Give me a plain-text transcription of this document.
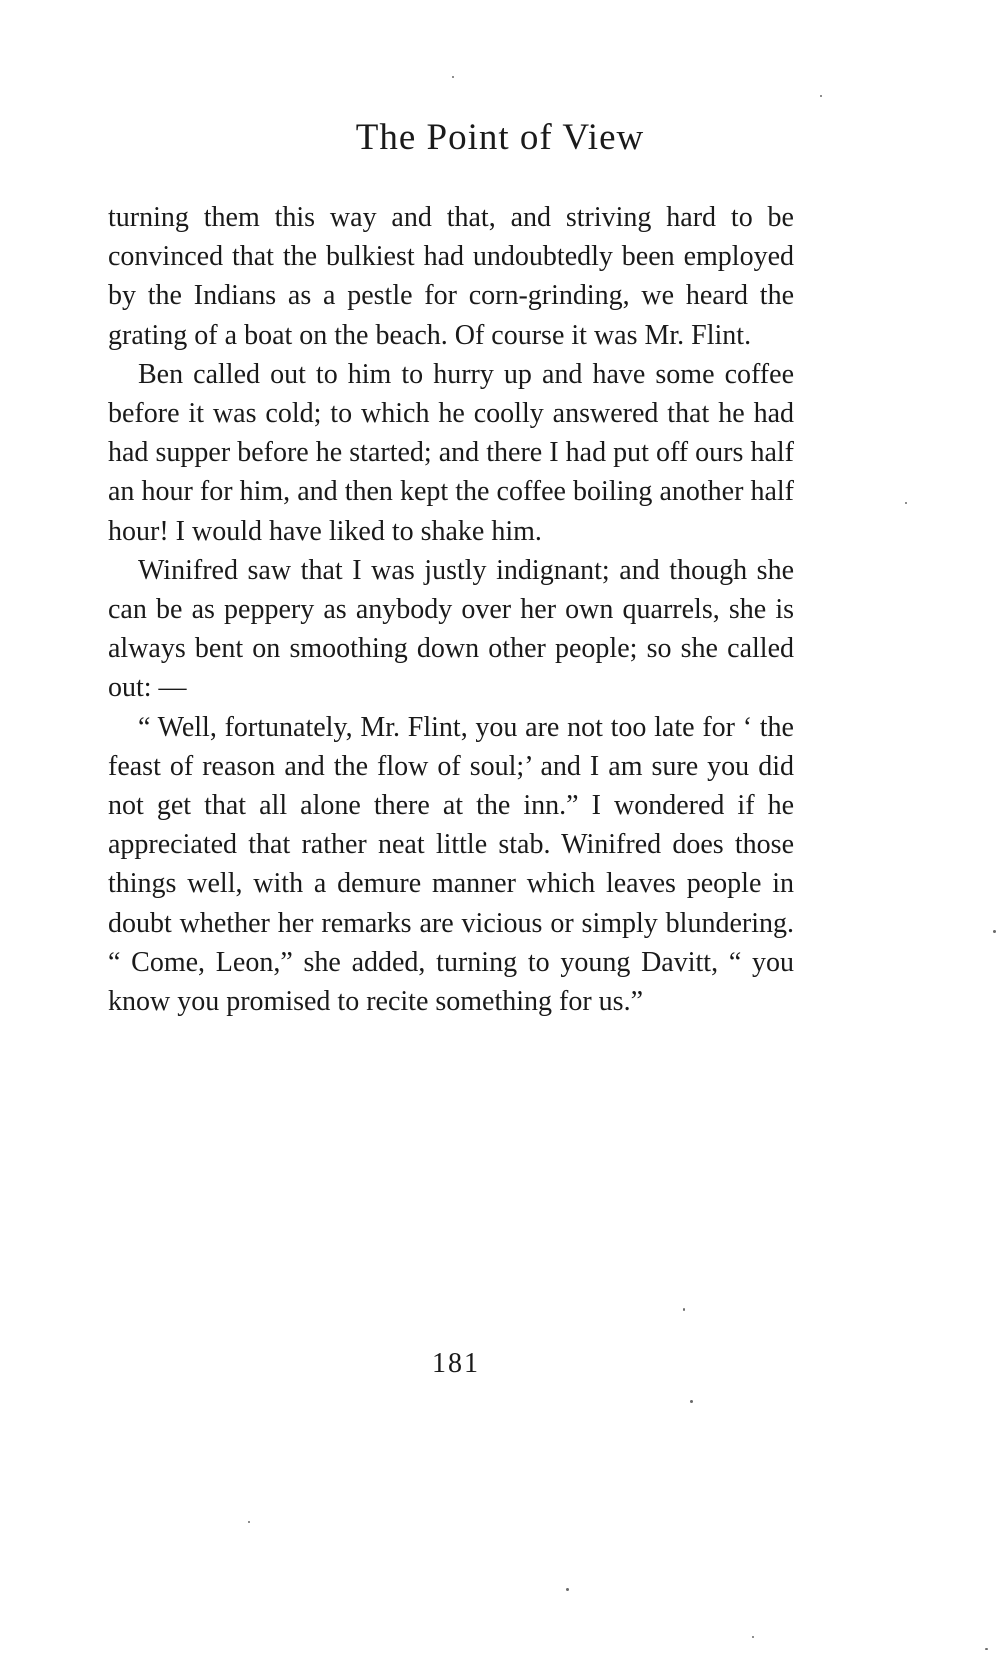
The Point of View

turning them this way and that, and striving hard to be convinced that the bulkiest had undoubtedly been employed by the Indians as a pestle for corn-grinding, we heard the grating of a boat on the beach. Of course it was Mr. Flint.

Ben called out to him to hurry up and have some coffee before it was cold; to which he coolly answered that he had had supper before he started; and there I had put off ours half an hour for him, and then kept the coffee boiling another half hour! I would have liked to shake him.

Winifred saw that I was justly indignant; and though she can be as peppery as anybody over her own quarrels, she is always bent on smoothing down other people; so she called out: —

“ Well, fortunately, Mr. Flint, you are not too late for ‘ the feast of reason and the flow of soul;’ and I am sure you did not get that all alone there at the inn.” I wondered if he appreciated that rather neat little stab. Winifred does those things well, with a demure manner which leaves people in doubt whether her remarks are vicious or simply blundering. “ Come, Leon,” she added, turning to young Davitt, “ you know you promised to recite something for us.”

181
